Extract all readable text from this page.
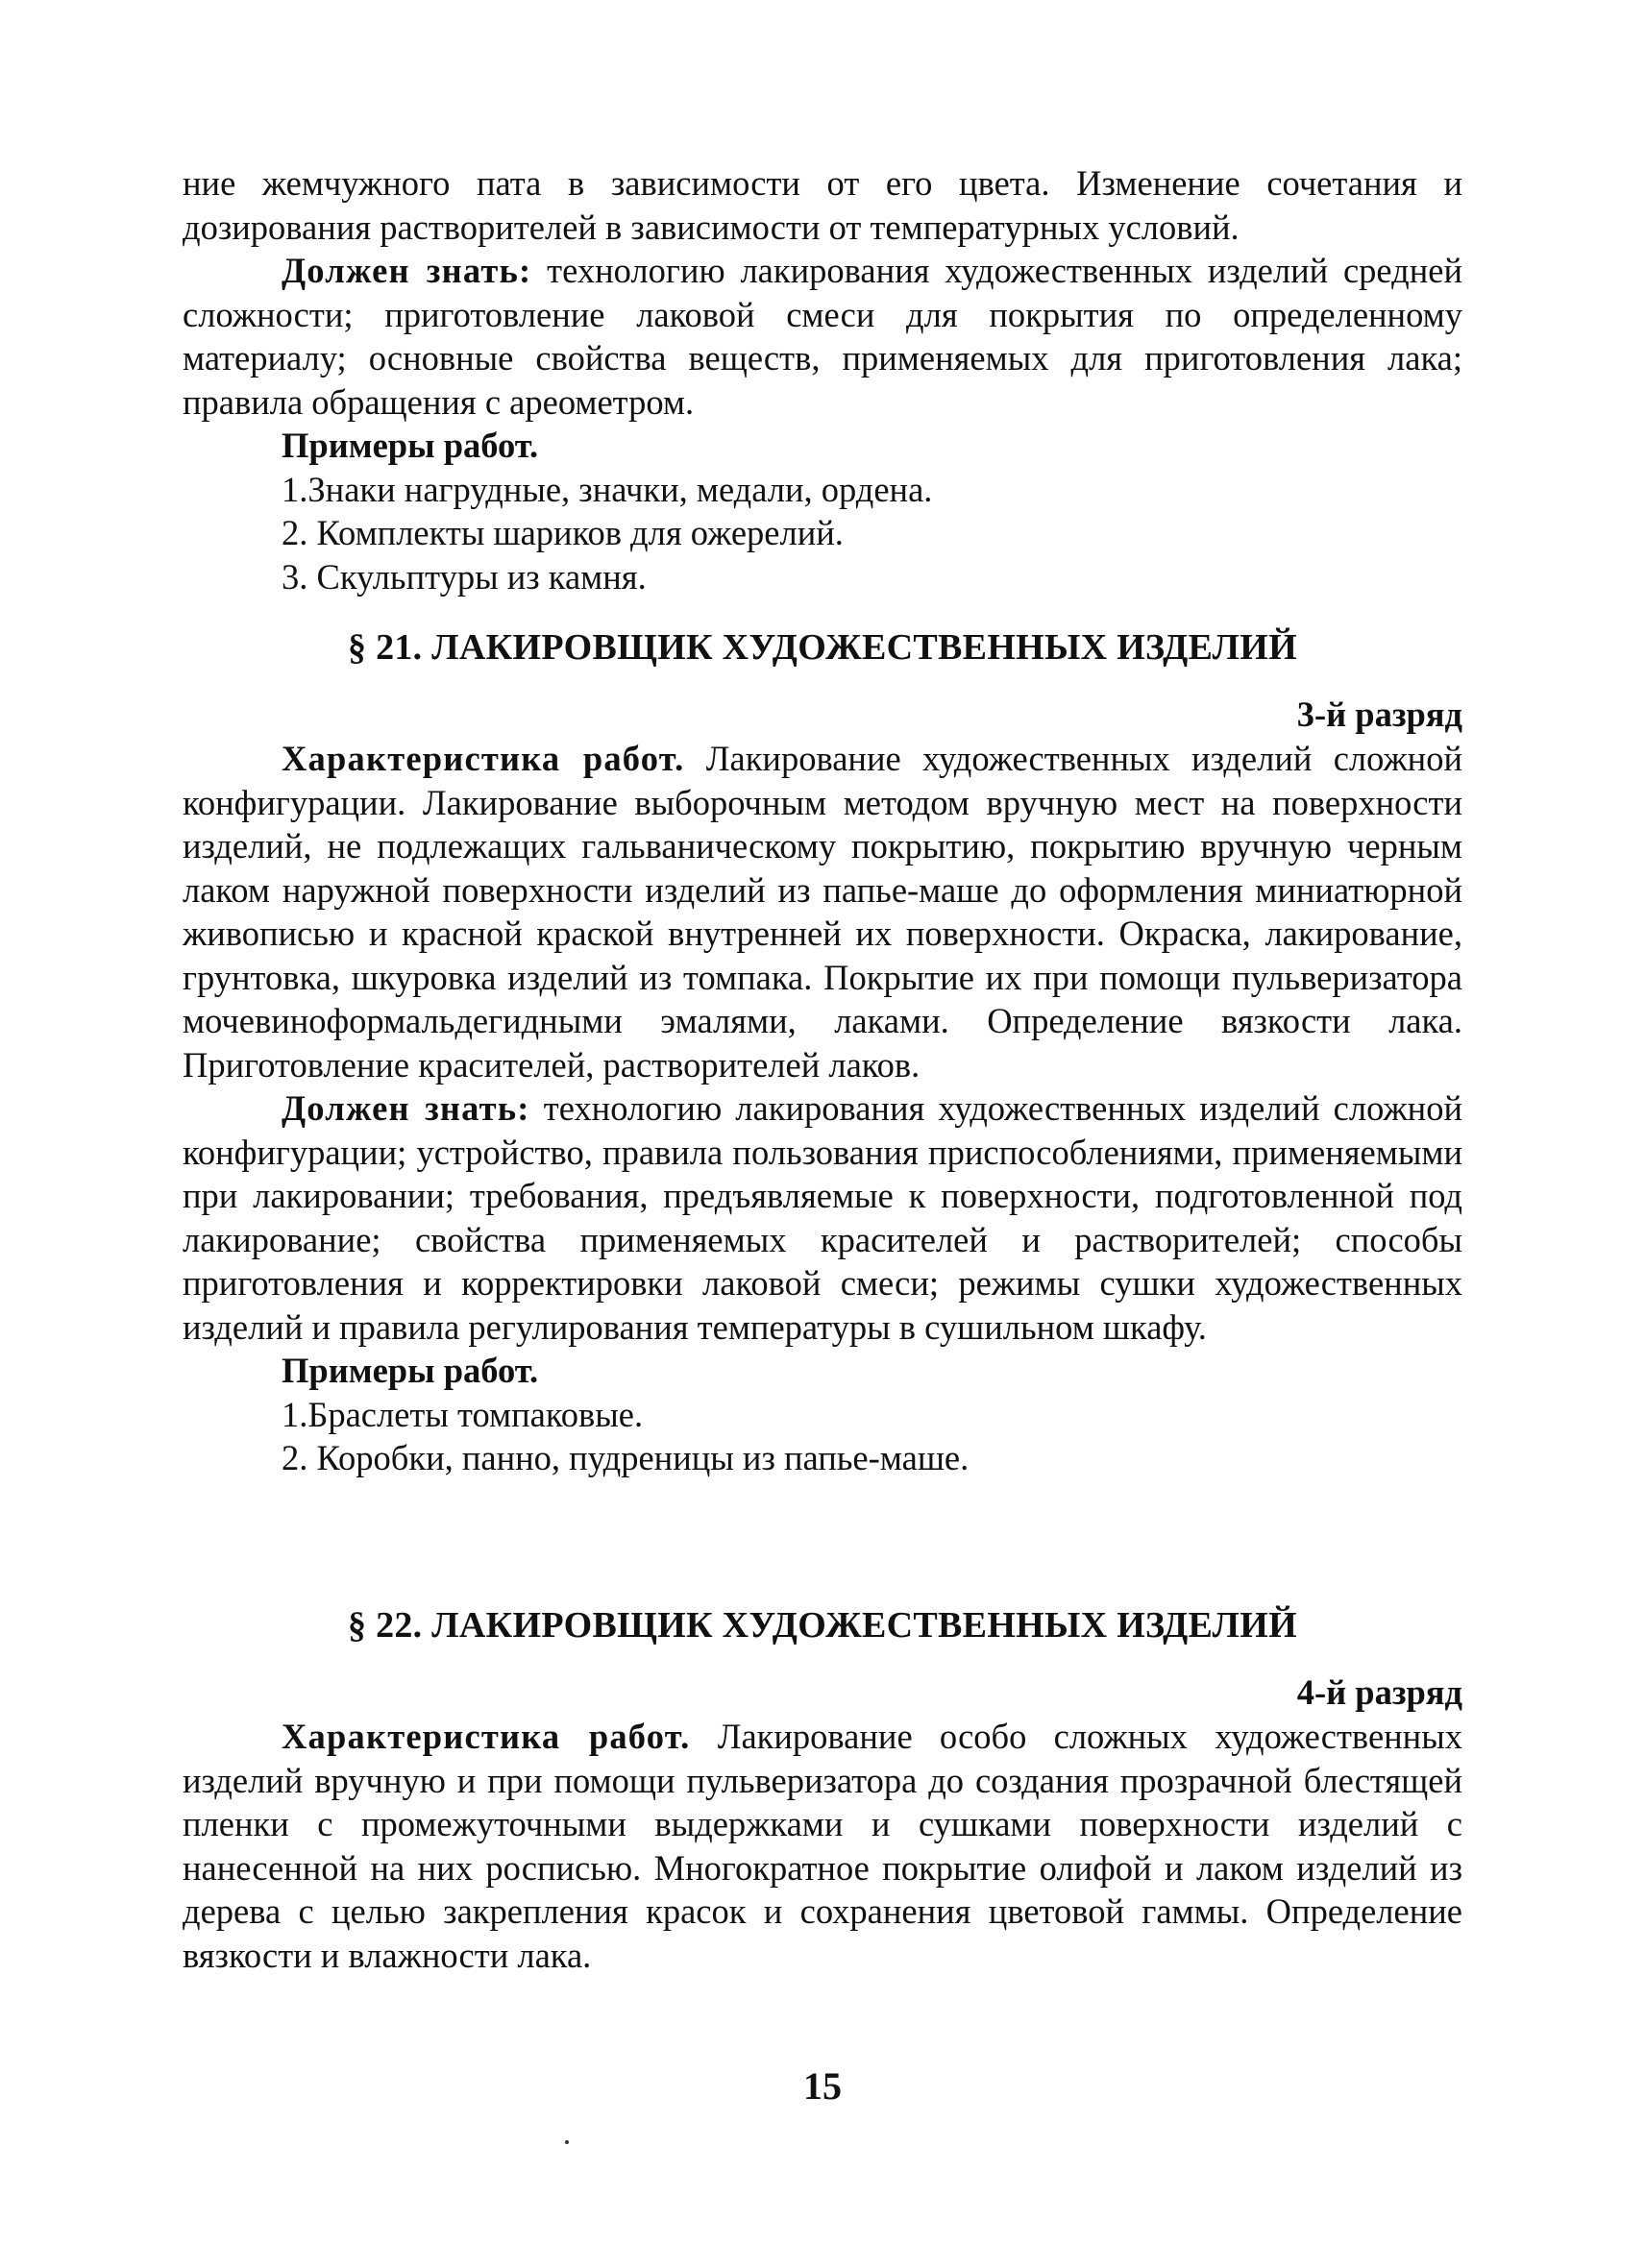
ние жемчужного пата в зависимости от его цвета. Изменение сочетания и дозирования растворителей в зависимости от температурных условий.

Должен знать: технологию лакирования художественных изделий средней сложности; приготовление лаковой смеси для покрытия по определенному материалу; основные свойства веществ, применяемых для приготовления лака; правила обращения с ареометром.

Примеры работ.

1.Знаки нагрудные, значки, медали, ордена.

2. Комплекты шариков для ожерелий.

3. Скульптуры из камня.

§ 21. ЛАКИРОВЩИК ХУДОЖЕСТВЕННЫХ ИЗДЕЛИЙ
3-й разряд

Характеристика работ. Лакирование художественных изделий сложной конфигурации. Лакирование выборочным методом вручную мест на поверхности изделий, не подлежащих гальваническому покрытию, покрытию вручную черным лаком наружной поверхности изделий из папье-маше до оформления миниатюрной живописью и красной краской внутренней их поверхности. Окраска, лакирование, грунтовка, шкуровка изделий из томпака. Покрытие их при помощи пульверизатора мочевиноформальдегидными эмалями, лаками. Определение вязкости лака. Приготовление красителей, растворителей лаков.

Должен знать: технологию лакирования художественных изделий сложной конфигурации; устройство, правила пользования приспособлениями, применяемыми при лакировании; требования, предъявляемые к поверхности, подготовленной под лакирование; свойства применяемых красителей и растворителей; способы приготовления и корректировки лаковой смеси; режимы сушки художественных изделий и правила регулирования температуры в сушильном шкафу.

Примеры работ.

1.Браслеты томпаковые.

2. Коробки, панно, пудреницы из папье-маше.

§ 22. ЛАКИРОВЩИК ХУДОЖЕСТВЕННЫХ ИЗДЕЛИЙ
4-й разряд

Характеристика работ. Лакирование особо сложных художественных изделий вручную и при помощи пульверизатора до создания прозрачной блестящей пленки с промежуточными выдержками и сушками поверхности изделий с нанесенной на них росписью. Многократное покрытие олифой и лаком изделий из дерева с целью закрепления красок и сохранения цветовой гаммы. Определение вязкости и влажности лака.

15
